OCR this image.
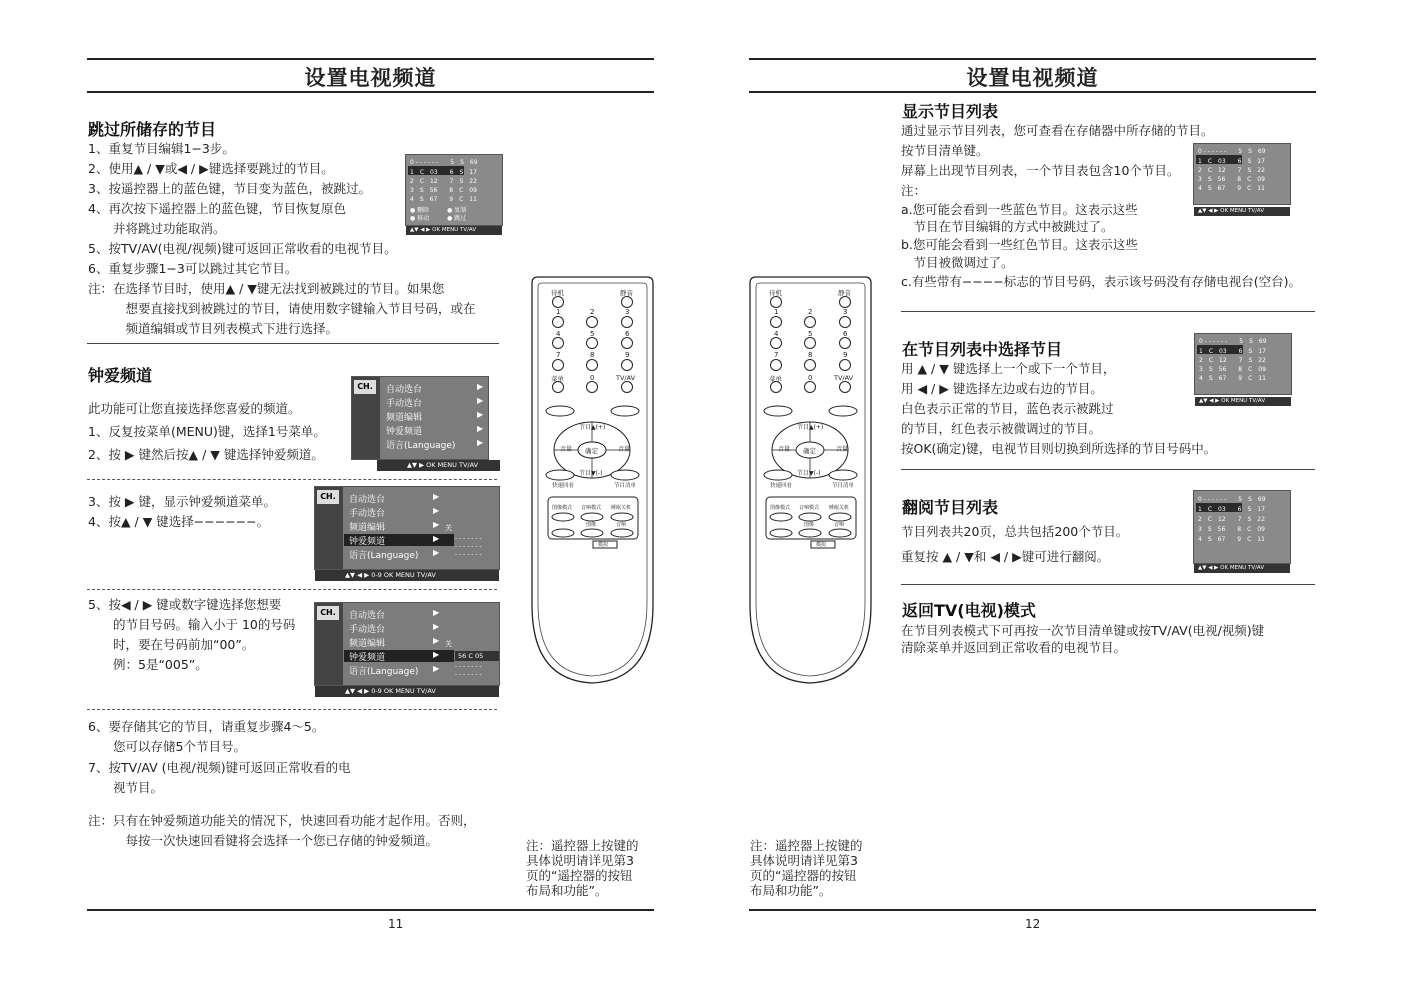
设置电视频道
跳过所储存的节目
1、重复节目编辑1−3步。
2、使用▲ / ▼或◀ / ▶键选择要跳过的节目。
3、按遥控器上的蓝色键，节目变为蓝色，被跳过。
4、再次按下遥控器上的蓝色键，节目恢复原色
　　并将跳过功能取消。
5、按TV/AV(电视/视频)键可返回正常收看的电视节目。
6、重复步骤1−3可以跳过其它节目。
注：在选择节目时，使用▲ / ▼键无法找到被跳过的节目。如果您
　　　想要直接找到被跳过的节目，请使用数字键输入节目号码，或在
　　　频道编辑或节目列表模式下进行选择。
0 - - - - - -　　5　S　69
1　C　03　　6　S　17
2　C　12　　7　S　22
3　S　56　　8　C　09
4　S　67　　9　C　11
● 删除　　　● 复制
● 移动　　　● 跳过
▲▼ ◀ ▶ OK MENU TV/AV
钟爱频道
此功能可让您直接选择您喜爱的频道。
1、反复按菜单(MENU)键，选择1号菜单。
2、按 ▶ 键然后按▲ / ▼ 键选择钟爱频道。
CH.	自动选台
手动选台
频道编辑
钟爱频道
语言(Language)
▶
▶
▶
▶
▶
▲▼ ▶ OK MENU TV/AV
3、按 ▶ 键，显示钟爱频道菜单。
4、按▲ / ▼ 键选择−−−−−−。
CH.	自动选台
手动选台
频道编辑
钟爱频道
语言(Language)
▶
▶
▶
▶
▶
关
- - - - - - -
- - - - - - -
- - - - - - -
▲▼ ◀ ▶ 0-9 OK MENU TV/AV
5、按◀ / ▶ 键或数字键选择您想要
　　的节目号码。输入小于 10的号码
　　时，要在号码前加“00”。
　　例：5是“005”。
CH.	自动选台
手动选台
频道编辑
钟爱频道
语言(Language)
▶
▶
▶
▶
▶
关
56 C 05
- - - - - - -
- - - - - - -
▲▼ ◀ ▶ 0-9 OK MENU TV/AV
6、要存储其它的节目，请重复步骤4～5。
　　您可以存储5个节目号。
7、按TV/AV (电视/视频)键可返回正常收看的电
　　视节目。
注：只有在钟爱频道功能关的情况下，快速回看功能才起作用。否则，
　　　每按一次快速回看键将会选择一个您已存储的钟爱频道。	注：遥控器上按键的
具体说明请详见第3
页的“遥控器的按钮
布局和功能”。
11
待机	静音
1	2	3
4	5	6
7	8	9
菜单	0	TV/AV
节目▲(+)
节目▼(-)
音量	音量
确定
快速回看	节目清单
图像模式 音响模式 睡眠关机
图像	音响
模拟
设置电视频道
显示节目列表
通过显示节目列表，您可查看在存储器中所存储的节目。
按节目清单键。
屏幕上出现节目列表，一个节目表包含10个节目。
注：
a.您可能会看到一些蓝色节目。这表示这些
　节目在节目编辑的方式中被跳过了。
b.您可能会看到一些红色节目。这表示这些
　节目被微调过了。
c.有些带有−−−−标志的节目号码，表示该号码没有存储电视台(空台)。
0 - - - - - -　　5　S　69
1　C　03　　6　S　17
2　C　12　　7　S　22
3　S　56　　8　C　09
4　S　67　　9　C　11
▲▼ ◀ ▶ OK MENU TV/AV
在节目列表中选择节目
用 ▲ / ▼ 键选择上一个或下一个节目，
用 ◀ / ▶ 键选择左边或右边的节目。
白色表示正常的节目，蓝色表示被跳过
的节目，红色表示被微调过的节目。
按OK(确定)键，电视节目则切换到所选择的节目号码中。
0 - - - - - -　　5　S　69
1　C　03　　6　S　17
2　C　12　　7　S　22
3　S　56　　8　C　09
4　S　67　　9　C　11
▲▼ ◀ ▶ OK MENU TV/AV
翻阅节目列表
节目列表共20页，总共包括200个节目。
重复按 ▲ / ▼和 ◀ / ▶键可进行翻阅。
0 - - - - - -　　5　S　69
1　C　03　　6　S　17
2　C　12　　7　S　22
3　S　56　　8　C　09
4　S　67　　9　C　11
▲▼ ◀ ▶ OK MENU TV/AV
返回TV(电视)模式
在节目列表模式下可再按一次节目清单键或按TV/AV(电视/视频)键
清除菜单并返回到正常收看的电视节目。
注：遥控器上按键的
具体说明请详见第3
页的“遥控器的按钮
布局和功能”。
12
待机	静音
1	2	3
4	5	6
7	8	9
菜单	0	TV/AV
节目▲(+)
节目▼(-)
音量	音量
确定
快速回看	节目清单
图像模式 音响模式 睡眠关机
图像	音响
模拟
